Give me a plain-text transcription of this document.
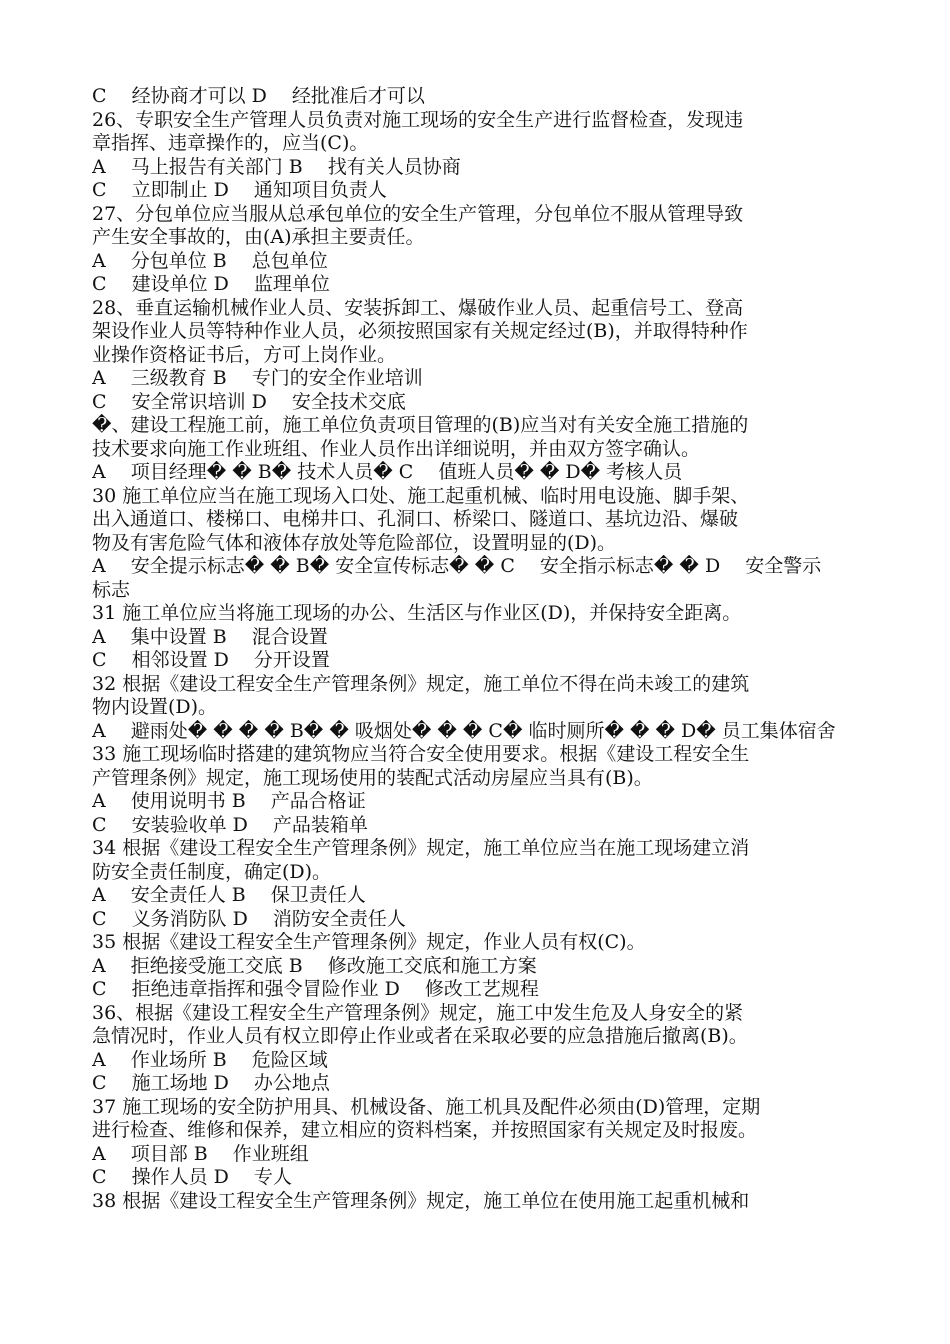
C　 经协商才可以 D　 经批准后才可以
26、专职安全生产管理人员负责对施工现场的安全生产进行监督检查，发现违
章指挥、违章操作的，应当(C)。
A　 马上报告有关部门 B　 找有关人员协商
C　 立即制止 D　 通知项目负责人
27、分包单位应当服从总承包单位的安全生产管理，分包单位不服从管理导致
产生安全事故的，由(A)承担主要责任。
A　 分包单位 B　 总包单位
C　 建设单位 D　 监理单位
28、垂直运输机械作业人员、安装拆卸工、爆破作业人员、起重信号工、登高
架设作业人员等特种作业人员，必须按照国家有关规定经过(B)，并取得特种作
业操作资格证书后，方可上岗作业。
A　 三级教育 B　 专门的安全作业培训
C　 安全常识培训 D　 安全技术交底
�、建设工程施工前，施工单位负责项目管理的(B)应当对有关安全施工措施的
技术要求向施工作业班组、作业人员作出详细说明，并由双方签字确认。
A　 项目经理� � B� 技术人员� C　 值班人员� � D� 考核人员
30 施工单位应当在施工现场入口处、施工起重机械、临时用电设施、脚手架、
出入通道口、楼梯口、电梯井口、孔洞口、桥梁口、隧道口、基坑边沿、爆破
物及有害危险气体和液体存放处等危险部位，设置明显的(D)。
A　 安全提示标志� � B� 安全宣传标志� � C　 安全指示标志� � D　 安全警示
标志
31 施工单位应当将施工现场的办公、生活区与作业区(D)，并保持安全距离。
A　 集中设置 B　 混合设置
C　 相邻设置 D　 分开设置
32 根据《建设工程安全生产管理条例》规定，施工单位不得在尚未竣工的建筑
物内设置(D)。
A　 避雨处� � � � B� � 吸烟处� � � C� 临时厕所� � � D� 员工集体宿舍
33 施工现场临时搭建的建筑物应当符合安全使用要求。根据《建设工程安全生
产管理条例》规定，施工现场使用的装配式活动房屋应当具有(B)。
A　 使用说明书 B　 产品合格证
C　 安装验收单 D　 产品装箱单
34 根据《建设工程安全生产管理条例》规定，施工单位应当在施工现场建立消
防安全责任制度，确定(D)。
A　 安全责任人 B　 保卫责任人
C　 义务消防队 D　 消防安全责任人
35 根据《建设工程安全生产管理条例》规定，作业人员有权(C)。
A　 拒绝接受施工交底 B　 修改施工交底和施工方案
C　 拒绝违章指挥和强令冒险作业 D　 修改工艺规程
36、根据《建设工程安全生产管理条例》规定，施工中发生危及人身安全的紧
急情况时，作业人员有权立即停止作业或者在采取必要的应急措施后撤离(B)。
A　 作业场所 B　 危险区域
C　 施工场地 D　 办公地点
37 施工现场的安全防护用具、机械设备、施工机具及配件必须由(D)管理，定期
进行检查、维修和保养，建立相应的资料档案，并按照国家有关规定及时报废。
A　 项目部 B　 作业班组
C　 操作人员 D　 专人
38 根据《建设工程安全生产管理条例》规定，施工单位在使用施工起重机械和
